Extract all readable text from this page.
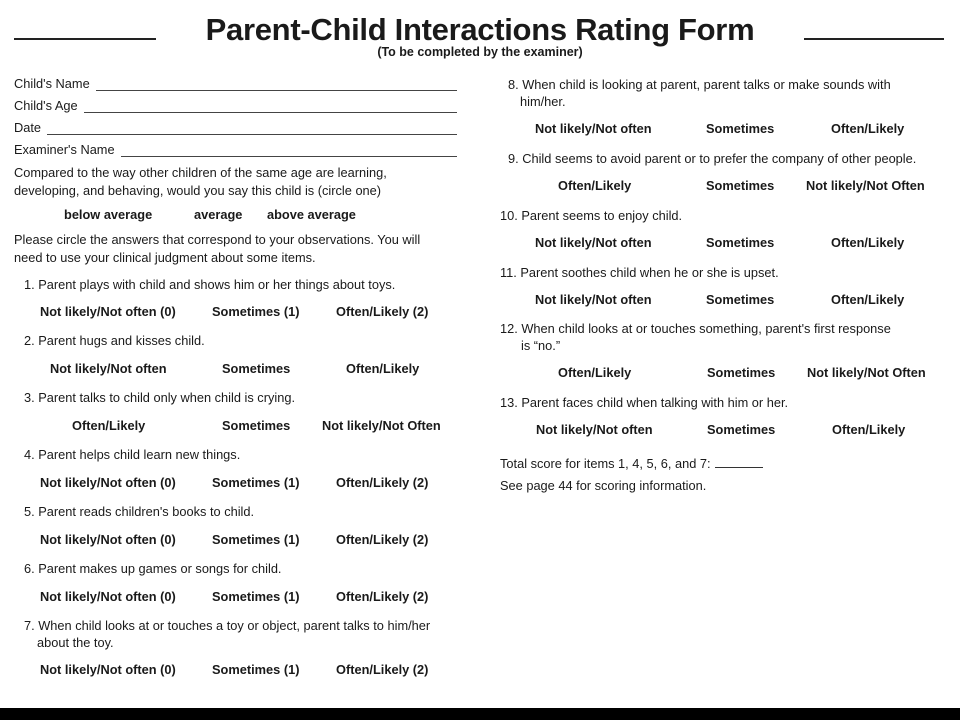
Parent-Child Interactions Rating Form
(To be completed by the examiner)
Child's Name
Child's Age
Date
Examiner's Name
Compared to the way other children of the same age are learning,
developing, and behaving, would you say this child is (circle one)
below average	average above average
Please circle the answers that correspond to your observations. You will
need to use your clinical judgment about some items.
1. Parent plays with child and shows him or her things about toys.
Not likely/Not often (0)	Sometimes (1)	Often/Likely (2)
2. Parent hugs and kisses child.
Not likely/Not often	Sometimes	Often/Likely
3. Parent talks to child only when child is crying.
Often/Likely	Sometimes Not likely/Not Often
4. Parent helps child learn new things.
Not likely/Not often (0)	Sometimes (1)	Often/Likely (2)
5. Parent reads children's books to child.
Not likely/Not often (0)	Sometimes (1)	Often/Likely (2)
6. Parent makes up games or songs for child.
Not likely/Not often (0)	Sometimes (1)	Often/Likely (2)
7. When child looks at or touches a toy or object, parent talks to him/her
about the toy.
Not likely/Not often (0)	Sometimes (1)	Often/Likely (2)
8. When child is looking at parent, parent talks or make sounds with
him/her.
Not likely/Not often	Sometimes	Often/Likely
9. Child seems to avoid parent or to prefer the company of other people.
Often/Likely	Sometimes Not likely/Not Often
10. Parent seems to enjoy child.
Not likely/Not often	Sometimes	Often/Likely
11. Parent soothes child when he or she is upset.
Not likely/Not often	Sometimes	Often/Likely
12. When child looks at or touches something, parent's first response
is “no.”
Often/Likely	Sometimes Not likely/Not Often
13. Parent faces child when talking with him or her.
Not likely/Not often	Sometimes	Often/Likely
Total score for items 1, 4, 5, 6, and 7:
See page 44 for scoring information.
